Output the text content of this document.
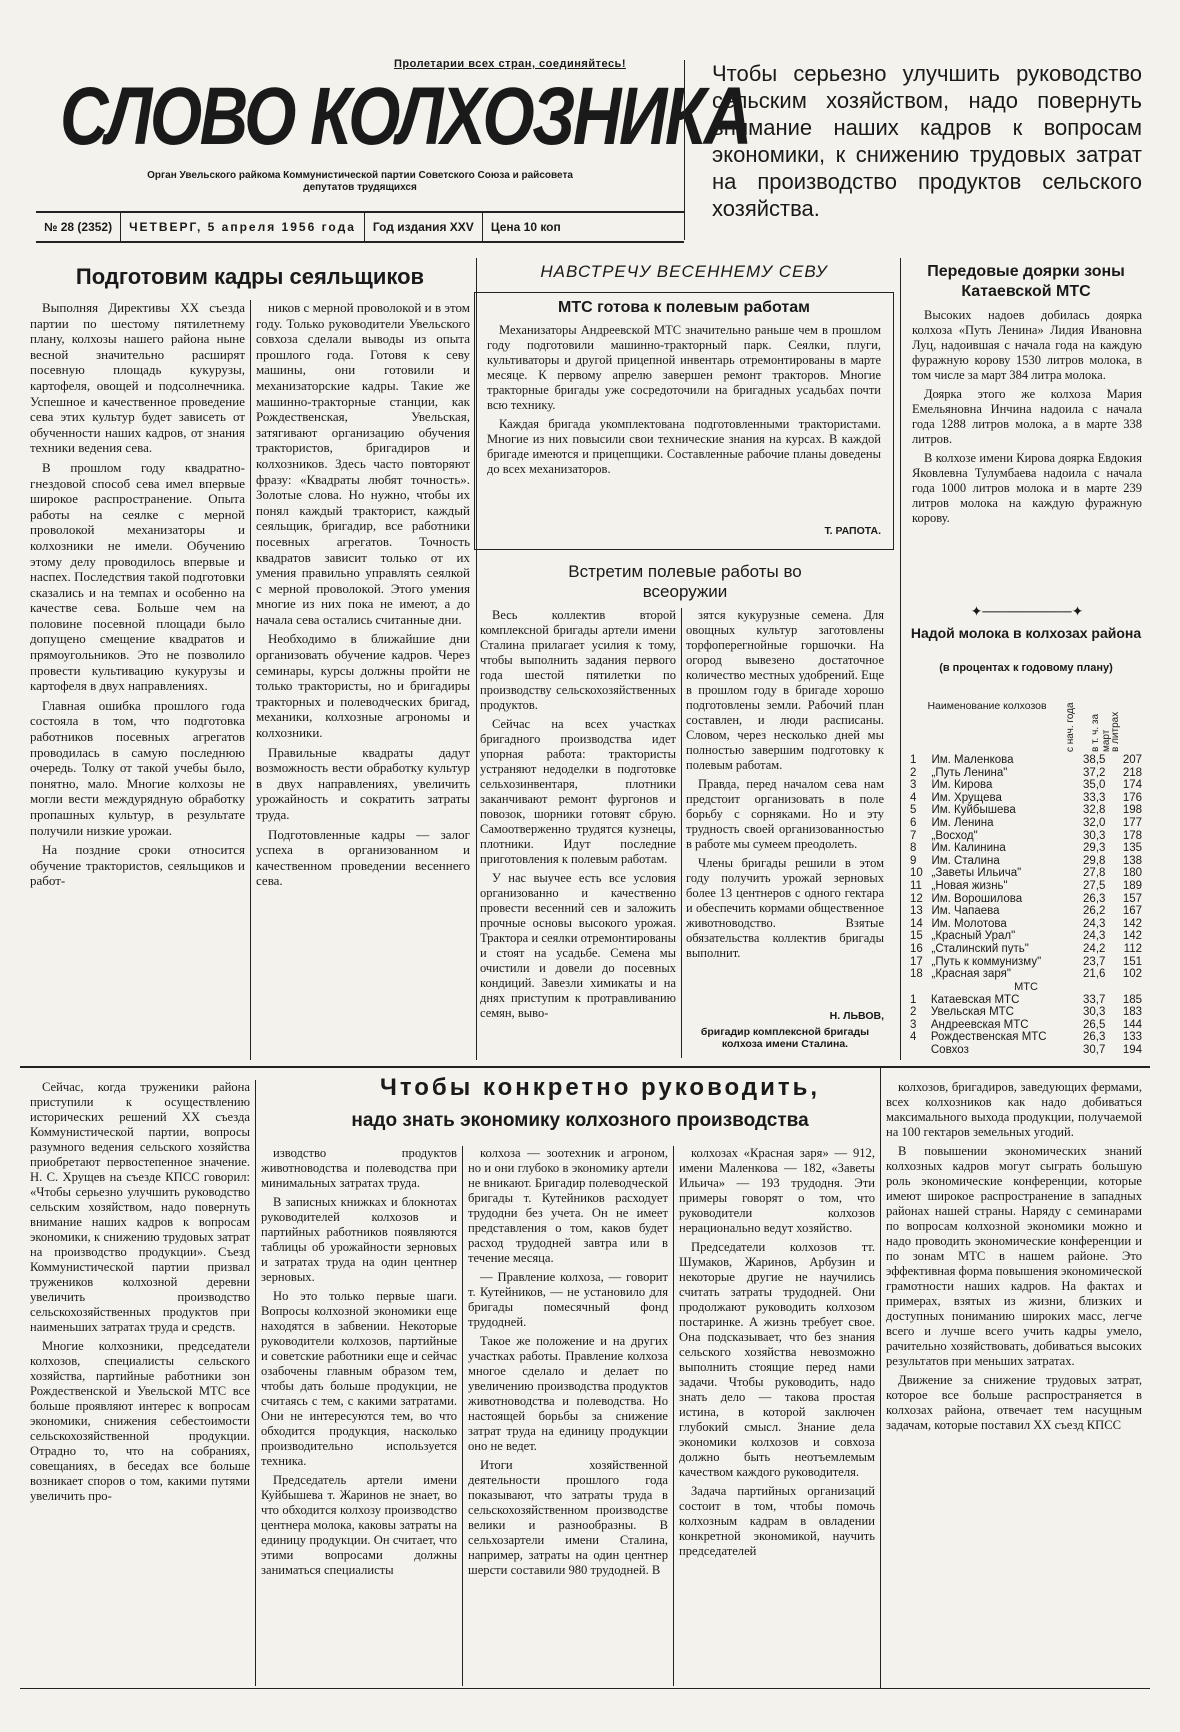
Пролетарии всех стран, соединяйтесь!
СЛОВО КОЛХОЗНИКА
Орган Увельского райкома Коммунистической партии Советского Союза и райсовета депутатов трудящихся
Чтобы серьезно улучшить руководство сельским хозяйством, надо повернуть внимание наших кадров к вопросам экономики, к снижению трудовых затрат на производство продуктов сельского хозяйства.
№ 28 (2352)	ЧЕТВЕРГ, 5 апреля 1956 года	Год издания XXV	Цена 10 коп
Подготовим кадры сеяльщиков

Выполняя Директивы XX съезда партии по шестому пятилетнему плану, колхозы нашего района ныне весной значительно расширят посевную площадь кукурузы, картофеля, овощей и подсолнечника. Успешное и качественное проведение сева этих культур будет зависеть от обученности наших кадров, от знания техники ведения сева.

В прошлом году квадратно-гнездовой способ сева имел впервые широкое распространение. Опыта работы на сеялке с мерной проволокой механизаторы и колхозники не имели. Обучению этому делу проводилось впервые и наспех. Последствия такой подготовки сказались и на темпах и особенно на качестве сева. Больше чем на половине посевной площади было допущено смещение квадратов и прямоугольников. Это не позволило провести культивацию кукурузы и картофеля в двух направлениях.

Главная ошибка прошлого года состояла в том, что подготовка работников посевных агрегатов проводилась в самую последнюю очередь. Толку от такой учебы было, понятно, мало. Многие колхозы не могли вести междурядную обработку пропашных культур, в результате получили низкие урожаи.

На поздние сроки относится обучение трактористов, сеяльщиков и работ-

ников с мерной проволокой и в этом году. Только руководители Увельского совхоза сделали выводы из опыта прошлого года. Готовя к севу машины, они готовили и механизаторские кадры. Такие же машинно-тракторные станции, как Рождественская, Увельская, затягивают организацию обучения трактористов, бригадиров и колхозников. Здесь часто повторяют фразу: «Квадраты любят точность». Золотые слова. Но нужно, чтобы их понял каждый тракторист, каждый сеяльщик, бригадир, все работники посевных агрегатов. Точность квадратов зависит только от их умения правильно управлять сеялкой с мерной проволокой. Этого умения многие из них пока не имеют, а до начала сева остались считанные дни.

Необходимо в ближайшие дни организовать обучение кадров. Через семинары, курсы должны пройти не только трактористы, но и бригадиры тракторных и полеводческих бригад, механики, колхозные агрономы и колхозники.

Правильные квадраты дадут возможность вести обработку культур в двух направлениях, увеличить урожайность и сократить затраты труда.

Подготовленные кадры — залог успеха в организованном и качественном проведении весеннего сева.

НАВСТРЕЧУ ВЕСЕННЕМУ СЕВУ
МТС готова к полевым работам

Механизаторы Андреевской МТС значительно раньше чем в прошлом году подготовили машинно-тракторный парк. Сеялки, плуги, культиваторы и другой прицепной инвентарь отремонтированы в марте месяце. К первому апрелю завершен ремонт тракторов. Многие тракторные бригады уже сосредоточили на бригадных усадьбах почти всю технику.

Каждая бригада укомплектована подготовленными трактористами. Многие из них повысили свои технические знания на курсах. В каждой бригаде имеются и прицепщики. Составленные рабочие планы доведены до всех механизаторов.

Т. РАПОТА.
Встретим полевые работы во всеоружии

Весь коллектив второй комплексной бригады артели имени Сталина прилагает усилия к тому, чтобы выполнить задания первого года шестой пятилетки по производству сельскохозяйственных продуктов.

Сейчас на всех участках бригадного производства идет упорная работа: трактористы устраняют недоделки в подготовке сельхозинвентаря, плотники заканчивают ремонт фургонов и повозок, шорники готовят сбрую. Самоотверженно трудятся кузнецы, плотники. Идут последние приготовления к полевым работам.

У нас выучее есть все условия организованно и качественно провести весенний сев и заложить прочные основы высокого урожая. Трактора и сеялки отремонтированы и стоят на усадьбе. Семена мы очистили и довели до посевных кондиций. Завезли химикаты и на днях приступим к протравливанию семян, выво-

зятся кукурузные семена. Для овощных культур заготовлены торфоперегнойные горшочки. На огород вывезено достаточное количество местных удобрений. Еще в прошлом году в бригаде хорошо подготовлены земли. Рабочий план составлен, и люди расписаны. Словом, через несколько дней мы полностью завершим подготовку к полевым работам.

Правда, перед началом сева нам предстоит организовать в поле борьбу с сорняками. Но и эту трудность своей организованностью в работе мы сумеем преодолеть.

Члены бригады решили в этом году получить урожай зерновых более 13 центнеров с одного гектара и обеспечить кормами общественное животноводство. Взятые обязательства коллектив бригады выполнит.

Н. ЛЬВОВ,
бригадир комплексной бригады колхоза имени Сталина.
Передовые доярки зоны Катаевской МТС

Высоких надоев добилась доярка колхоза «Путь Ленина» Лидия Ивановна Луц, надоившая с начала года на каждую фуражную корову 1530 литров молока, в том числе за март 384 литра молока.

Доярка этого же колхоза Мария Емельяновна Инчина надоила с начала года 1288 литров молока, а в марте 338 литров.

В колхозе имени Кирова доярка Евдокия Яковлевна Тулумбаева надоила с начала года 1000 литров молока и в марте 239 литров молока на каждую фуражную корову.

✦─────────✦
Надой молока в колхозах района
(в процентах к годовому плану)
Наименование колхозов	с нач. года в т. ч. за март
в литрах
1	Им. Маленкова	38,5	207
2	„Путь Ленина"	37,2	218
3	Им. Кирова	35,0	174
4	Им. Хрущева	33,3	176
5	Им. Куйбышева	32,8	198
6	Им. Ленина	32,0	177
7	„Восход"	30,3	178
8	Им. Калинина	29,3	135
9	Им. Сталина	29,8	138
10	„Заветы Ильича"	27,8	180
11	„Новая жизнь"	27,5	189
12	Им. Ворошилова	26,3	157
13	Им. Чапаева	26,2	167
14	Им. Молотова	24,3	142
15	„Красный Урал"	24,3	142
16	„Сталинский путь"	24,2	112
17	„Путь к коммунизму"	23,7	151
18	„Красная заря"	21,6	102
МТС
1	Катаевская МТС	33,7	185
2	Увельская МТС	30,3	183
3	Андреевская МТС	26,5	144
4	Рождественская МТС	26,3	133
	Совхоз	30,7	194
Чтобы конкретно руководить,
надо знать экономику колхозного производства

Сейчас, когда труженики района приступили к осуществлению исторических решений XX съезда Коммунистической партии, вопросы разумного ведения сельского хозяйства приобретают первостепенное значение. Н. С. Хрущев на съезде КПСС говорил: «Чтобы серьезно улучшить руководство сельским хозяйством, надо повернуть внимание наших кадров к вопросам экономики, к снижению трудовых затрат на производство продукции». Съезд Коммунистической партии призвал тружеников колхозной деревни увеличить производство сельскохозяйственных продуктов при наименьших затратах труда и средств.

Многие колхозники, председатели колхозов, специалисты сельского хозяйства, партийные работники зон Рождественской и Увельской МТС все больше проявляют интерес к вопросам экономики, снижения себестоимости сельскохозяйственной продукции. Отрадно то, что на собраниях, совещаниях, в беседах все больше возникает споров о том, какими путями увеличить про-

изводство продуктов животноводства и полеводства при минимальных затратах труда.

В записных книжках и блокнотах руководителей колхозов и партийных работников появляются таблицы об урожайности зерновых и затратах труда на один центнер зерновых.

Но это только первые шаги. Вопросы колхозной экономики еще находятся в забвении. Некоторые руководители колхозов, партийные и советские работники еще и сейчас озабочены главным образом тем, чтобы дать больше продукции, не считаясь с тем, с какими затратами. Они не интересуются тем, во что обходится продукция, насколько производительно используется техника.

Председатель артели имени Куйбышева т. Жаринов не знает, во что обходится колхозу производство центнера молока, каковы затраты на единицу продукции. Он считает, что этими вопросами должны заниматься специалисты

колхоза — зоотехник и агроном, но и они глубоко в экономику артели не вникают. Бригадир полеводческой бригады т. Кутейников расходует трудодни без учета. Он не имеет представления о том, каков будет расход трудодней завтра или в течение месяца.

— Правление колхоза, — говорит т. Кутейников, — не установило для бригады помесячный фонд трудодней.

Такое же положение и на других участках работы. Правление колхоза многое сделало и делает по увеличению производства продуктов животноводства и полеводства. Но настоящей борьбы за снижение затрат труда на единицу продукции оно не ведет.

Итоги хозяйственной деятельности прошлого года показывают, что затраты труда в сельскохозяйственном производстве велики и разнообразны. В сельхозартели имени Сталина, например, затраты на один центнер шерсти составили 980 трудодней. В

колхозах «Красная заря» — 912, имени Маленкова — 182, «Заветы Ильича» — 193 трудодня. Эти примеры говорят о том, что руководители колхозов нерационально ведут хозяйство.

Председатели колхозов тт. Шумаков, Жаринов, Арбузин и некоторые другие не научились считать затраты трудодней. Они продолжают руководить колхозом постаринке. А жизнь требует свое. Она подсказывает, что без знания сельского хозяйства невозможно выполнить стоящие перед нами задачи. Чтобы руководить, надо знать дело — такова простая истина, в которой заключен глубокий смысл. Знание дела экономики колхозов и совхоза должно быть неотъемлемым качеством каждого руководителя.

Задача партийных организаций состоит в том, чтобы помочь колхозным кадрам в овладении конкретной экономикой, научить председателей

колхозов, бригадиров, заведующих фермами, всех колхозников как надо добиваться максимального выхода продукции, получаемой на 100 гектаров земельных угодий.

В повышении экономических знаний колхозных кадров могут сыграть большую роль экономические конференции, которые имеют широкое распространение в западных районах нашей страны. Наряду с семинарами по вопросам колхозной экономики можно и надо проводить экономические конференции и по зонам МТС в нашем районе. Это эффективная форма повышения экономической грамотности наших кадров. На фактах и примерах, взятых из жизни, близких и доступных пониманию широких масс, легче всего и лучше всего учить кадры умело, рачительно хозяйствовать, добиваться высоких результатов при меньших затратах.

Движение за снижение трудовых затрат, которое все больше распространяется в колхозах района, отвечает тем насущным задачам, которые поставил XX съезд КПСС
